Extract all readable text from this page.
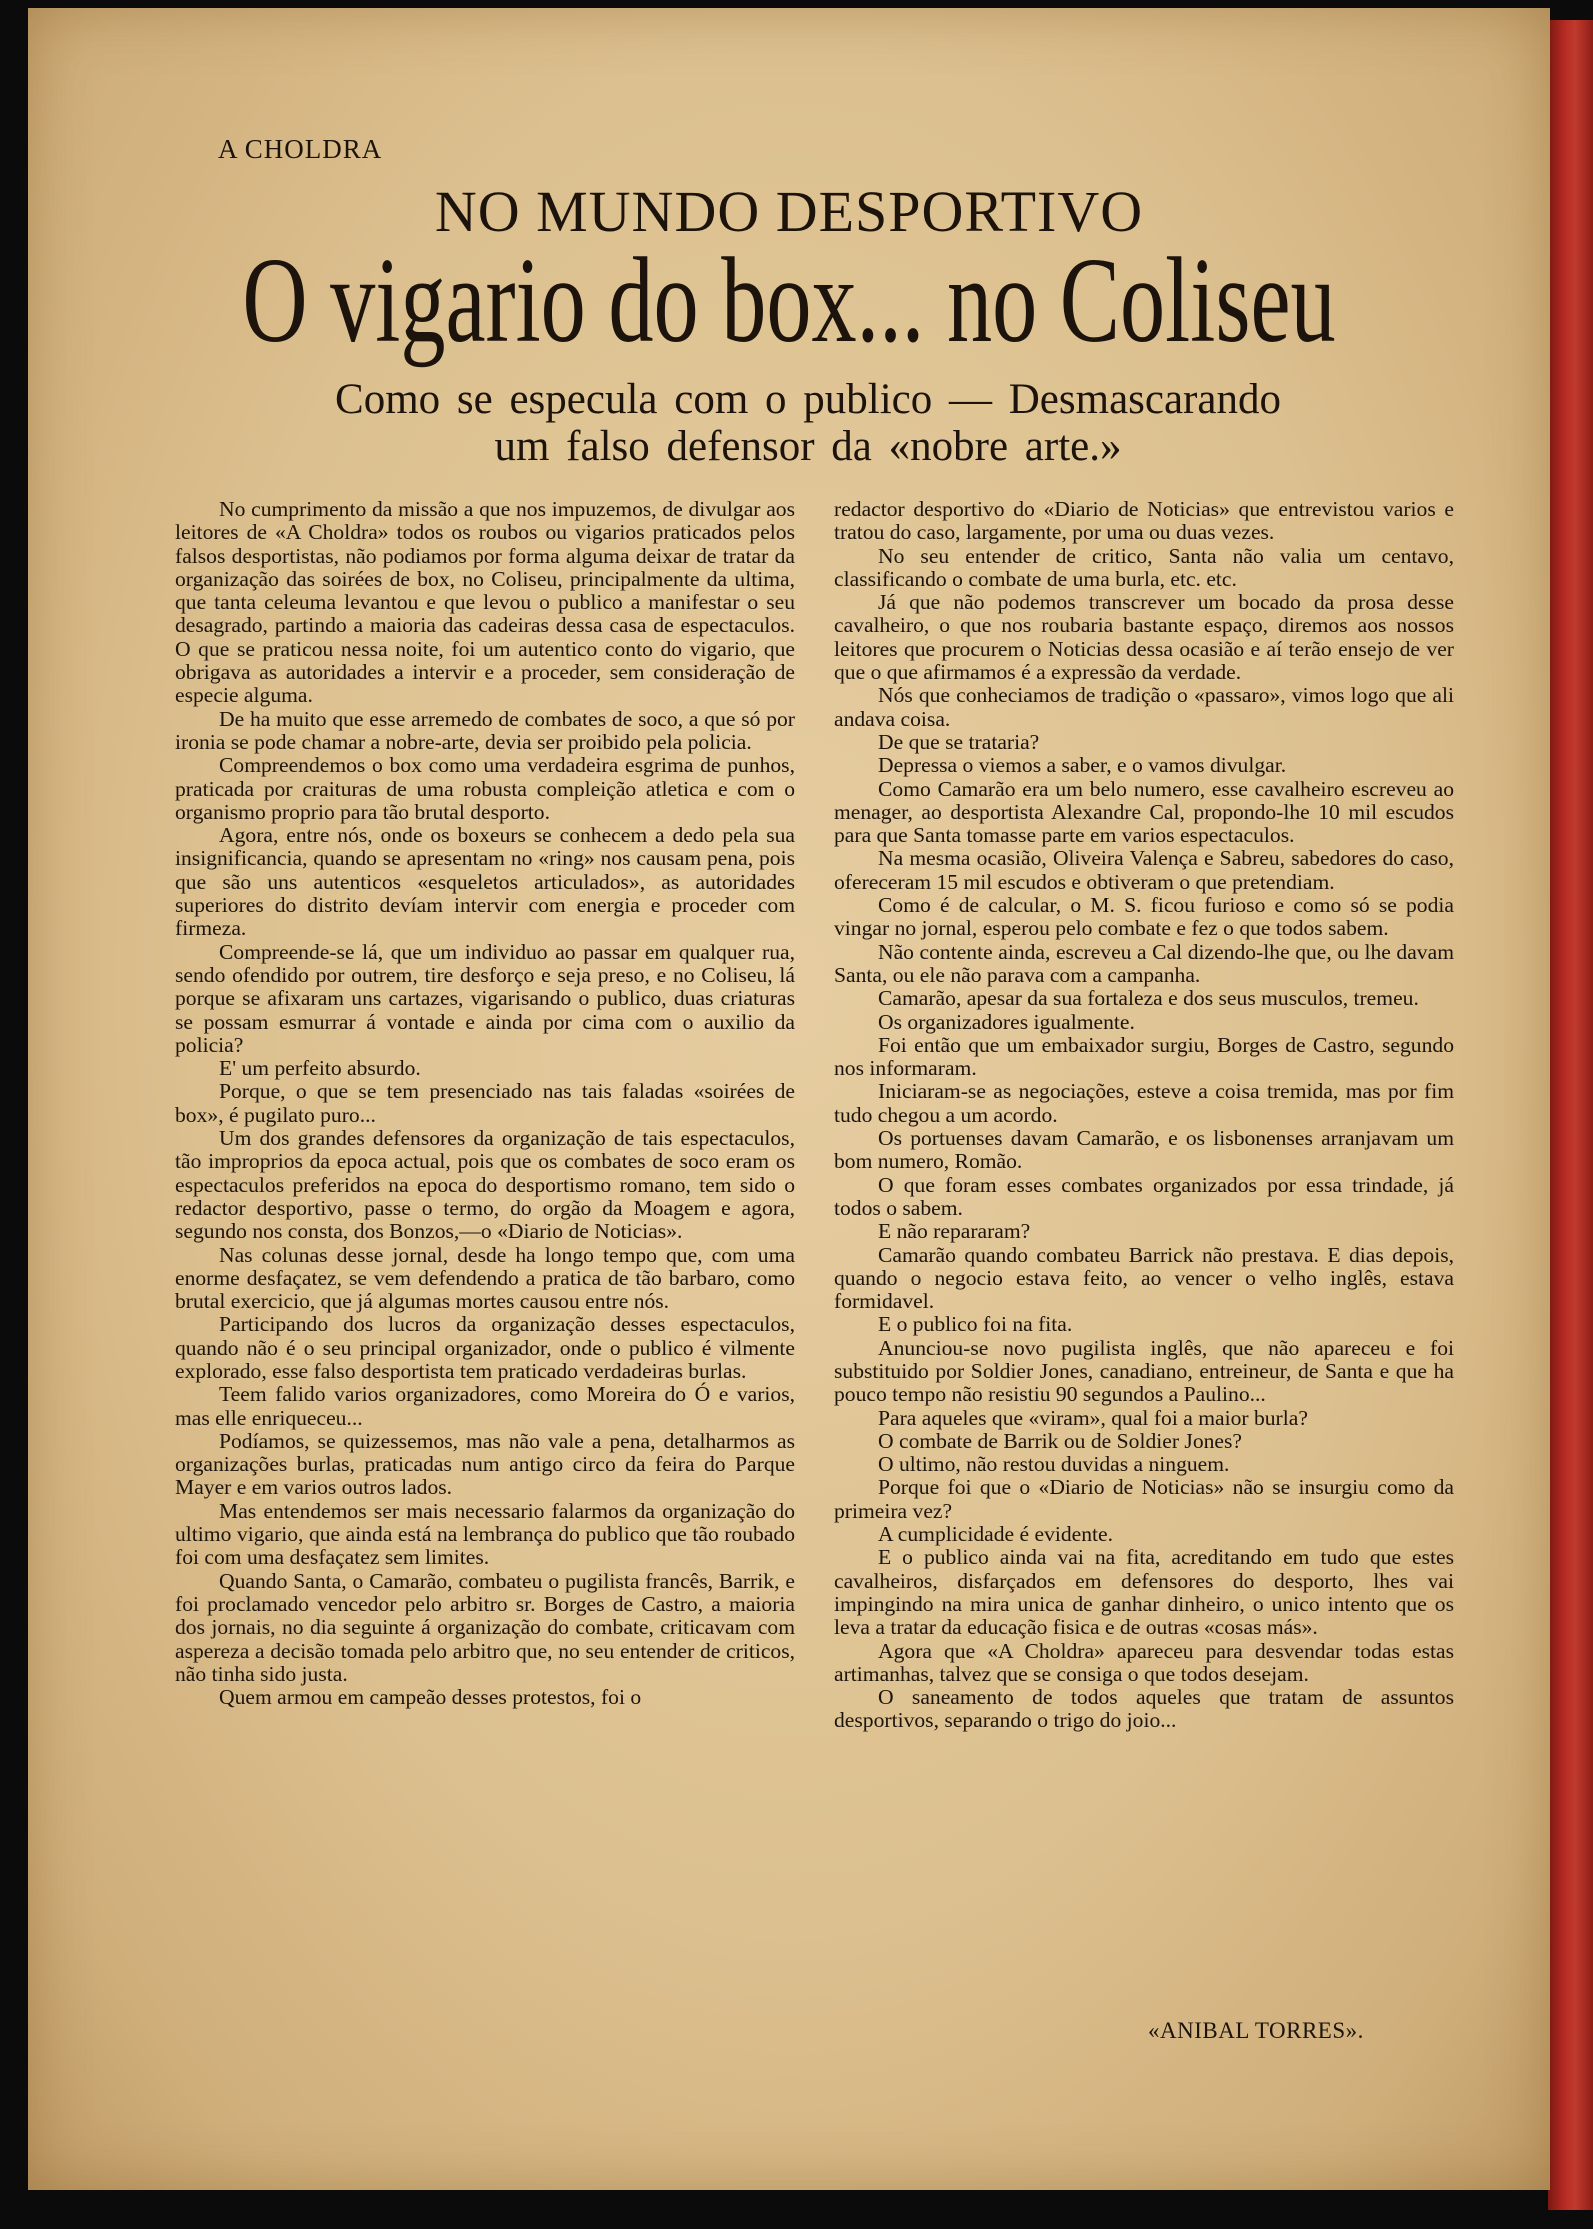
A CHOLDRA
NO MUNDO DESPORTIVO
O vigario do box... no Coliseu
Como se especula com o publico — Desmascarando um falso defensor da «nobre arte.»

No cumprimento da missão a que nos impuzemos, de divulgar aos leitores de «A Choldra» todos os roubos ou vigarios praticados pelos falsos desportistas, não podiamos por forma alguma deixar de tratar da organização das soirées de box, no Coliseu, principalmente da ultima, que tanta celeuma levantou e que levou o publico a manifestar o seu desagrado, partindo a maioria das cadeiras dessa casa de espectaculos. O que se praticou nessa noite, foi um autentico conto do vigario, que obrigava as autoridades a intervir e a proceder, sem consideração de especie alguma.

De ha muito que esse arremedo de combates de soco, a que só por ironia se pode chamar a nobre-arte, devia ser proibido pela policia.

Compreendemos o box como uma verdadeira esgrima de punhos, praticada por craituras de uma robusta compleição atletica e com o organismo proprio para tão brutal desporto.

Agora, entre nós, onde os boxeurs se conhecem a dedo pela sua insignificancia, quando se apresentam no «ring» nos causam pena, pois que são uns autenticos «esqueletos articulados», as autoridades superiores do distrito devíam intervir com energia e proceder com firmeza.

Compreende-se lá, que um individuo ao passar em qualquer rua, sendo ofendido por outrem, tire desforço e seja preso, e no Coliseu, lá porque se afixaram uns cartazes, vigarisando o publico, duas criaturas se possam esmurrar á vontade e ainda por cima com o auxilio da policia?

E' um perfeito absurdo.

Porque, o que se tem presenciado nas tais faladas «soirées de box», é pugilato puro...

Um dos grandes defensores da organização de tais espectaculos, tão improprios da epoca actual, pois que os combates de soco eram os espectaculos preferidos na epoca do desportismo romano, tem sido o redactor desportivo, passe o termo, do orgão da Moagem e agora, segundo nos consta, dos Bonzos,—o «Diario de Noticias».

Nas colunas desse jornal, desde ha longo tempo que, com uma enorme desfaçatez, se vem defendendo a pratica de tão barbaro, como brutal exercicio, que já algumas mortes causou entre nós.

Participando dos lucros da organização desses espectaculos, quando não é o seu principal organizador, onde o publico é vilmente explorado, esse falso desportista tem praticado verdadeiras burlas.

Teem falido varios organizadores, como Moreira do Ó e varios, mas elle enriqueceu...

Podíamos, se quizessemos, mas não vale a pena, detalharmos as organizações burlas, praticadas num antigo circo da feira do Parque Mayer e em varios outros lados.

Mas entendemos ser mais necessario falarmos da organização do ultimo vigario, que ainda está na lembrança do publico que tão roubado foi com uma desfaçatez sem limites.

Quando Santa, o Camarão, combateu o pugilista francês, Barrik, e foi proclamado vencedor pelo arbitro sr. Borges de Castro, a maioria dos jornais, no dia seguinte á organização do combate, criticavam com aspereza a decisão tomada pelo arbitro que, no seu entender de criticos, não tinha sido justa.

Quem armou em campeão desses protestos, foi o

redactor desportivo do «Diario de Noticias» que entrevistou varios e tratou do caso, largamente, por uma ou duas vezes.

No seu entender de critico, Santa não valia um centavo, classificando o combate de uma burla, etc. etc.

Já que não podemos transcrever um bocado da prosa desse cavalheiro, o que nos roubaria bastante espaço, diremos aos nossos leitores que procurem o Noticias dessa ocasião e aí terão ensejo de ver que o que afirmamos é a expressão da verdade.

Nós que conheciamos de tradição o «passaro», vimos logo que ali andava coisa.

De que se trataria?

Depressa o viemos a saber, e o vamos divulgar.

Como Camarão era um belo numero, esse cavalheiro escreveu ao menager, ao desportista Alexandre Cal, propondo-lhe 10 mil escudos para que Santa tomasse parte em varios espectaculos.

Na mesma ocasião, Oliveira Valença e Sabreu, sabedores do caso, ofereceram 15 mil escudos e obtiveram o que pretendiam.

Como é de calcular, o M. S. ficou furioso e como só se podia vingar no jornal, esperou pelo combate e fez o que todos sabem.

Não contente ainda, escreveu a Cal dizendo-lhe que, ou lhe davam Santa, ou ele não parava com a campanha.

Camarão, apesar da sua fortaleza e dos seus musculos, tremeu.

Os organizadores igualmente.

Foi então que um embaixador surgiu, Borges de Castro, segundo nos informaram.

Iniciaram-se as negociações, esteve a coisa tremida, mas por fim tudo chegou a um acordo.

Os portuenses davam Camarão, e os lisbonenses arranjavam um bom numero, Romão.

O que foram esses combates organizados por essa trindade, já todos o sabem.

E não repararam?

Camarão quando combateu Barrick não prestava. E dias depois, quando o negocio estava feito, ao vencer o velho inglês, estava formidavel.

E o publico foi na fita.

Anunciou-se novo pugilista inglês, que não apareceu e foi substituido por Soldier Jones, canadiano, entreineur, de Santa e que ha pouco tempo não resistiu 90 segundos a Paulino...

Para aqueles que «viram», qual foi a maior burla?

O combate de Barrik ou de Soldier Jones?

O ultimo, não restou duvidas a ninguem.

Porque foi que o «Diario de Noticias» não se insurgiu como da primeira vez?

A cumplicidade é evidente.

E o publico ainda vai na fita, acreditando em tudo que estes cavalheiros, disfarçados em defensores do desporto, lhes vai impingindo na mira unica de ganhar dinheiro, o unico intento que os leva a tratar da educação fisica e de outras «cosas más».

Agora que «A Choldra» apareceu para desvendar todas estas artimanhas, talvez que se consiga o que todos desejam.

O saneamento de todos aqueles que tratam de assuntos desportivos, separando o trigo do joio...

«ANIBAL TORRES».
